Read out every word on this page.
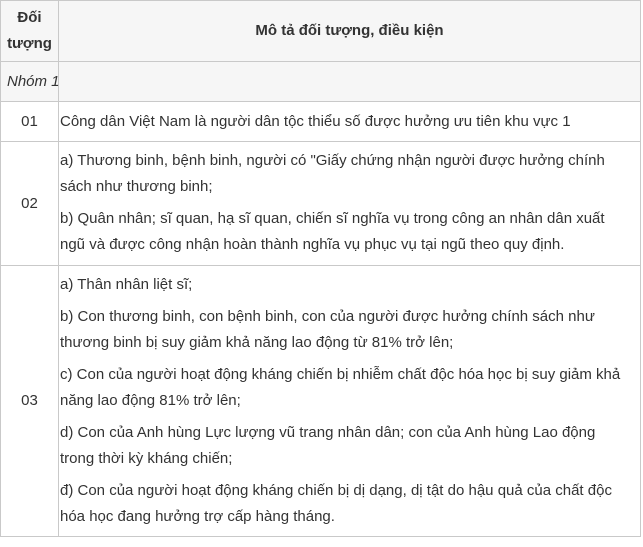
Đối tượng	Mô tả đối tượng, điều kiện
Nhóm 1	
01	Công dân Việt Nam là người dân tộc thiểu số được hưởng ưu tiên khu vực 1

02	a) Thương binh, bệnh binh, người có "Giấy chứng nhận người được hưởng chính sách như thương binh;

b) Quân nhân; sĩ quan, hạ sĩ quan, chiến sĩ nghĩa vụ trong công an nhân dân xuất ngũ và được công nhận hoàn thành nghĩa vụ phục vụ tại ngũ theo quy định.

03	a) Thân nhân liệt sĩ;

b) Con thương binh, con bệnh binh, con của người được hưởng chính sách như thương binh bị suy giảm khả năng lao động từ 81% trở lên;

c) Con của người hoạt động kháng chiến bị nhiễm chất độc hóa học bị suy giảm khả năng lao động 81% trở lên;

d) Con của Anh hùng Lực lượng vũ trang nhân dân; con của Anh hùng Lao động trong thời kỳ kháng chiến;

đ) Con của người hoạt động kháng chiến bị dị dạng, dị tật do hậu quả của chất độc hóa học đang hưởng trợ cấp hàng tháng.
